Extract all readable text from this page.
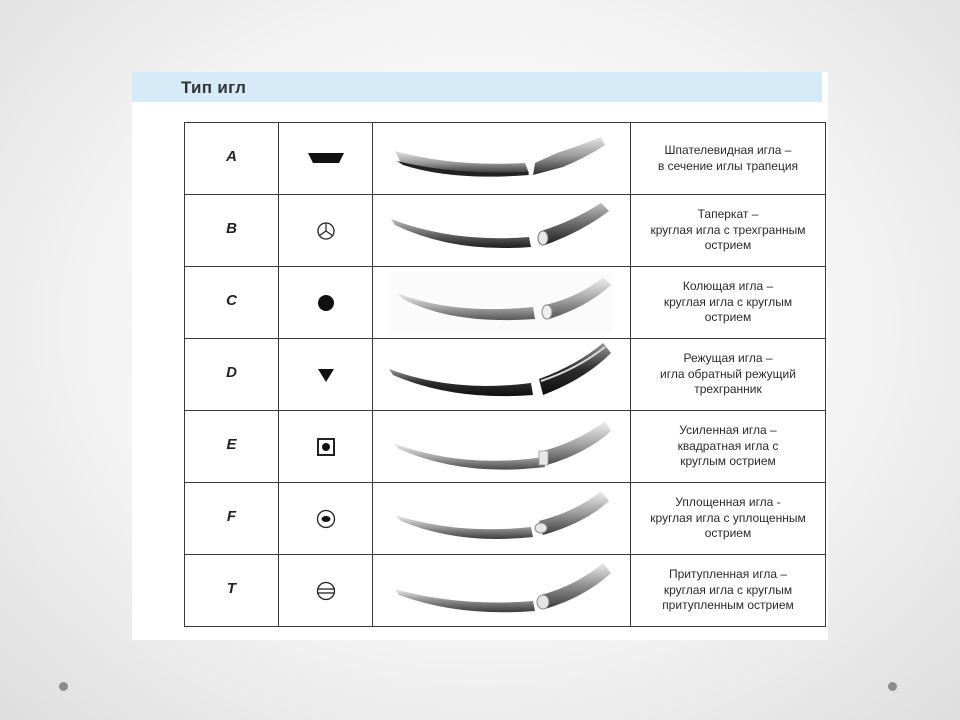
Тип игл
A			Шпателевидная игла –
в сечение иглы трапеция

B			Таперкат –
круглая игла с трехгранным
острием

C			Колющая игла –
круглая игла с круглым
острием

D			Режущая игла –
игла обратный режущий
трехгранник

E			Усиленная игла –
квадратная игла с
круглым острием

F			Уплощенная игла -
круглая игла с уплощенным
острием

T			Притупленная игла –
круглая игла с круглым
притупленным острием
